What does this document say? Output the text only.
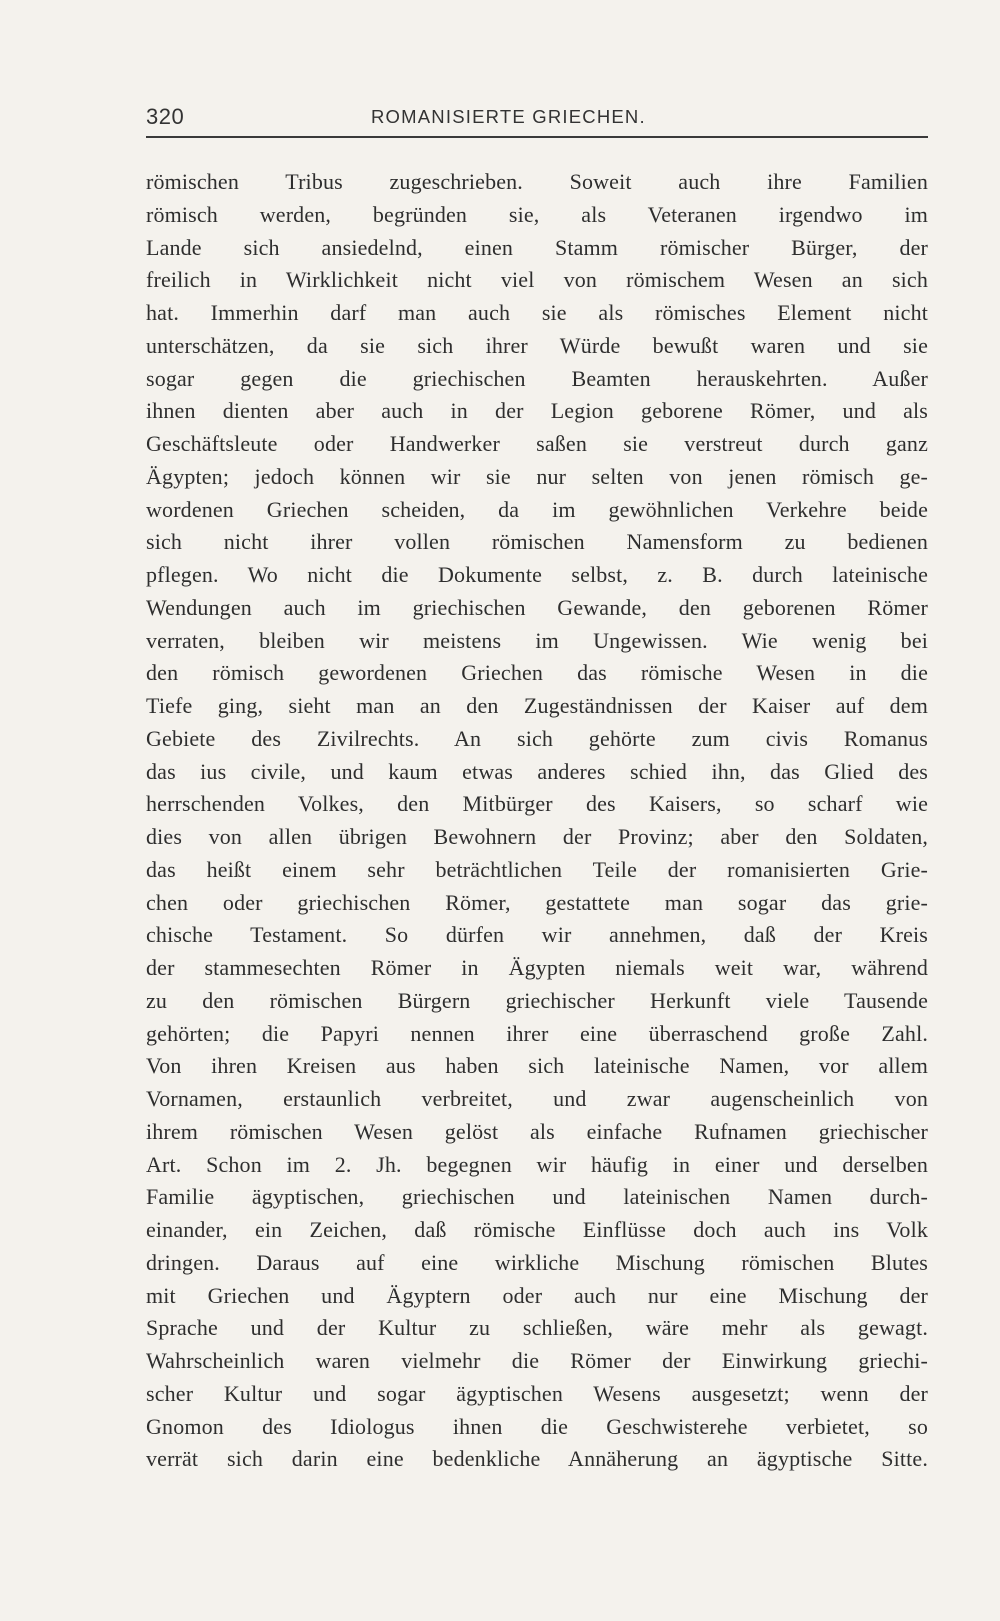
320	ROMANISIERTE GRIECHEN.
römischen Tribus zugeschrieben. Soweit auch ihre Familien
römisch werden, begründen sie, als Veteranen irgendwo im
Lande sich ansiedelnd, einen Stamm römischer Bürger, der
freilich in Wirklichkeit nicht viel von römischem Wesen an sich
hat. Immerhin darf man auch sie als römisches Element nicht
unterschätzen, da sie sich ihrer Würde bewußt waren und sie
sogar gegen die griechischen Beamten herauskehrten. Außer
ihnen dienten aber auch in der Legion geborene Römer, und als
Geschäftsleute oder Handwerker saßen sie verstreut durch ganz
Ägypten; jedoch können wir sie nur selten von jenen römisch ge-
wordenen Griechen scheiden, da im gewöhnlichen Verkehre beide
sich nicht ihrer vollen römischen Namensform zu bedienen
pflegen. Wo nicht die Dokumente selbst, z. B. durch lateinische
Wendungen auch im griechischen Gewande, den geborenen Römer
verraten, bleiben wir meistens im Ungewissen. Wie wenig bei
den römisch gewordenen Griechen das römische Wesen in die
Tiefe ging, sieht man an den Zugeständnissen der Kaiser auf dem
Gebiete des Zivilrechts. An sich gehörte zum civis Romanus
das ius civile, und kaum etwas anderes schied ihn, das Glied des
herrschenden Volkes, den Mitbürger des Kaisers, so scharf wie
dies von allen übrigen Bewohnern der Provinz; aber den Soldaten,
das heißt einem sehr beträchtlichen Teile der romanisierten Grie-
chen oder griechischen Römer, gestattete man sogar das grie-
chische Testament. So dürfen wir annehmen, daß der Kreis
der stammesechten Römer in Ägypten niemals weit war, während
zu den römischen Bürgern griechischer Herkunft viele Tausende
gehörten; die Papyri nennen ihrer eine überraschend große Zahl.
Von ihren Kreisen aus haben sich lateinische Namen, vor allem
Vornamen, erstaunlich verbreitet, und zwar augenscheinlich von
ihrem römischen Wesen gelöst als einfache Rufnamen griechischer
Art. Schon im 2. Jh. begegnen wir häufig in einer und derselben
Familie ägyptischen, griechischen und lateinischen Namen durch-
einander, ein Zeichen, daß römische Einflüsse doch auch ins Volk
dringen. Daraus auf eine wirkliche Mischung römischen Blutes
mit Griechen und Ägyptern oder auch nur eine Mischung der
Sprache und der Kultur zu schließen, wäre mehr als gewagt.
Wahrscheinlich waren vielmehr die Römer der Einwirkung griechi-
scher Kultur und sogar ägyptischen Wesens ausgesetzt; wenn der
Gnomon des Idiologus ihnen die Geschwisterehe verbietet, so
verrät sich darin eine bedenkliche Annäherung an ägyptische Sitte.
